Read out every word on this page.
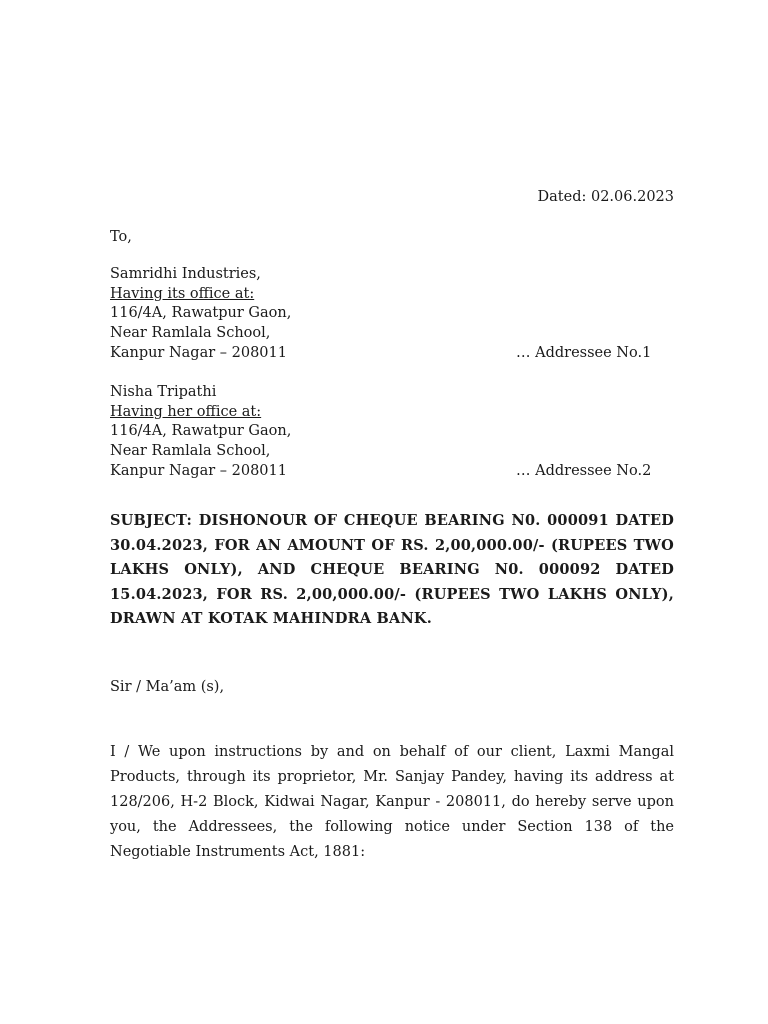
Dated: 02.06.2023
To,
Samridhi Industries,
Having its office at:
116/4A, Rawatpur Gaon,
Near Ramlala School,
Kanpur Nagar – 208011	… Addressee No.1
Nisha Tripathi
Having her office at:
116/4A, Rawatpur Gaon,
Near Ramlala School,
Kanpur Nagar – 208011	… Addressee No.2

SUBJECT: DISHONOUR OF CHEQUE BEARING N0. 000091 DATED 30.04.2023, FOR AN AMOUNT OF RS. 2,00,000.00/- (RUPEES TWO LAKHS ONLY), AND CHEQUE BEARING N0. 000092 DATED 15.04.2023, FOR RS. 2,00,000.00/- (RUPEES TWO LAKHS ONLY), DRAWN AT KOTAK MAHINDRA BANK.

Sir / Ma’am (s),

I / We upon instructions by and on behalf of our client, Laxmi Mangal Products, through its proprietor, Mr. Sanjay Pandey, having its address at 128/206, H-2 Block, Kidwai Nagar, Kanpur - 208011, do hereby serve upon you, the Addressees, the following notice under Section 138 of the Negotiable Instruments Act, 1881:
